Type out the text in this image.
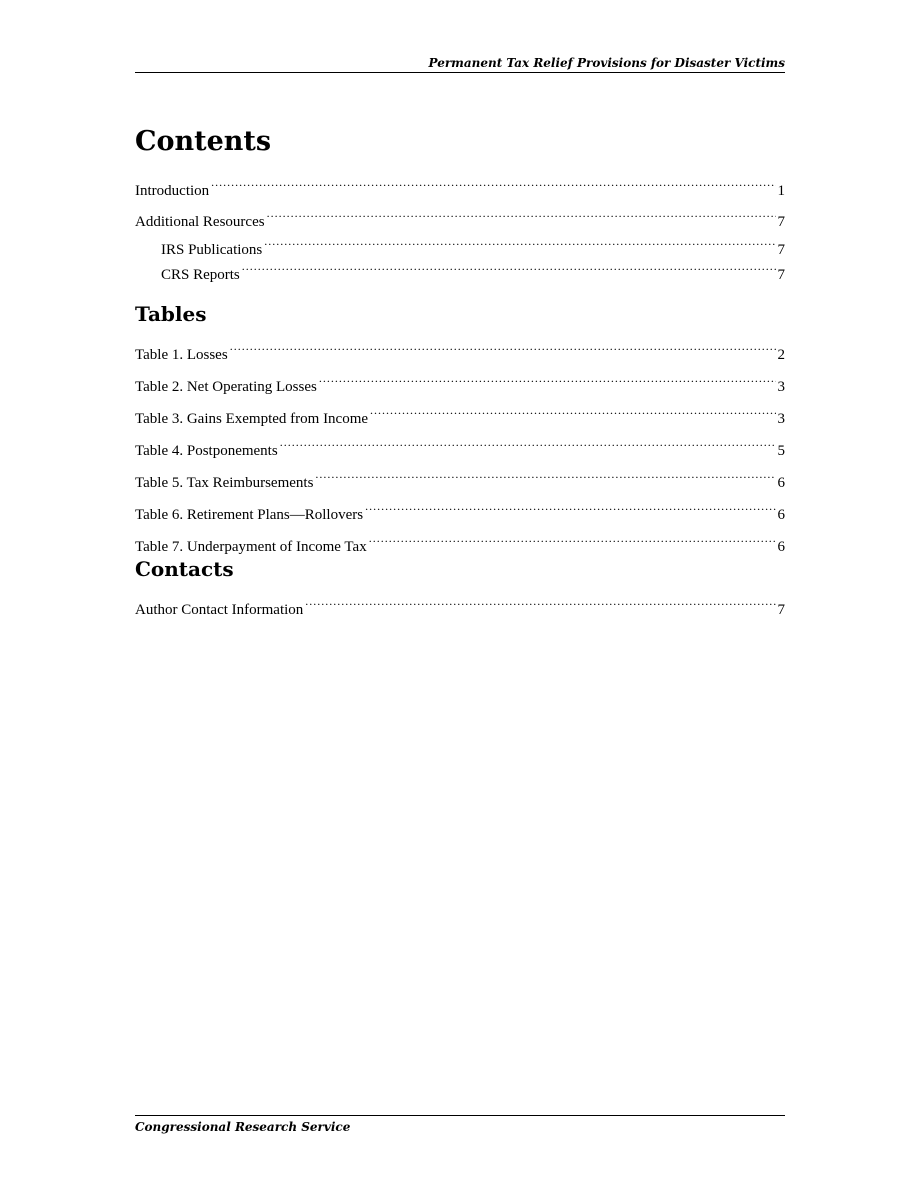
Permanent Tax Relief Provisions for Disaster Victims
Contents
Introduction .....	1
Additional Resources .....	7
IRS Publications .....	7
CRS Reports .....	7
Tables
Table 1. Losses .....	2
Table 2. Net Operating Losses .....	3
Table 3. Gains Exempted from Income .....	3
Table 4. Postponements .....	5
Table 5. Tax Reimbursements .....	6
Table 6. Retirement Plans—Rollovers .....	6
Table 7. Underpayment of Income Tax .....	6
Contacts
Author Contact Information .....	7
Congressional Research Service
